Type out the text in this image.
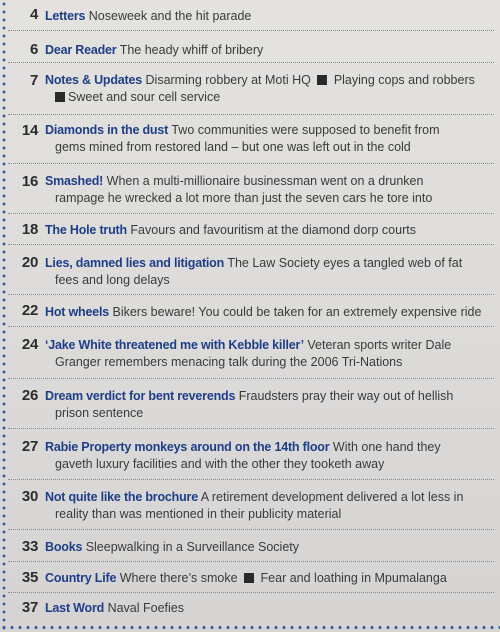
4 Letters Noseweek and the hit parade
6 Dear Reader The heady whiff of bribery
7 Notes & Updates Disarming robbery at Moti HQ Playing cops and robbers
Sweet and sour cell service
14 Diamonds in the dust Two communities were supposed to benefit from
gems mined from restored land – but one was left out in the cold
16 Smashed! When a multi-millionaire businessman went on a drunken
rampage he wrecked a lot more than just the seven cars he tore into
18 The Hole truth Favours and favouritism at the diamond dorp courts
20 Lies, damned lies and litigation The Law Society eyes a tangled web of fat
fees and long delays
22 Hot wheels Bikers beware! You could be taken for an extremely expensive ride
24 ‘Jake White threatened me with Kebble killer’ Veteran sports writer Dale
Granger remembers menacing talk during the 2006 Tri-Nations
26 Dream verdict for bent reverends Fraudsters pray their way out of hellish
prison sentence
27 Rabie Property monkeys around on the 14th floor With one hand they
gaveth luxury facilities and with the other they tooketh away
30 Not quite like the brochure A retirement development delivered a lot less in
reality than was mentioned in their publicity material
33 Books Sleepwalking in a Surveillance Society
35 Country Life Where there’s smoke Fear and loathing in Mpumalanga
37 Last Word Naval Foefies
